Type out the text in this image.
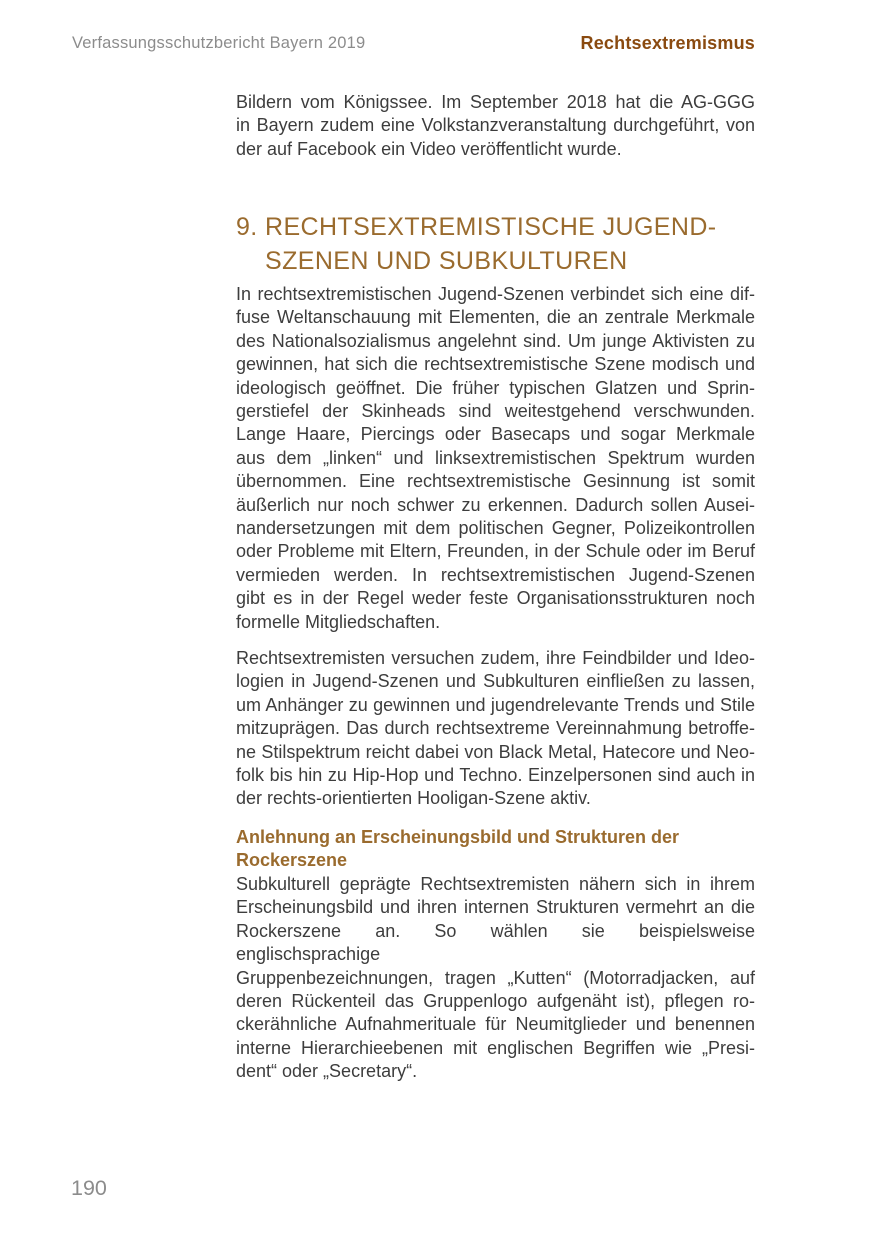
Verfassungsschutzbericht Bayern 2019	Rechtsextremismus
Bildern vom Königssee. Im September 2018 hat die AG-GGG
in Bayern zudem eine Volkstanzveranstaltung durchgeführt, von
der auf Facebook ein Video veröffentlicht wurde.
9. RECHTSEXTREMISTISCHE JUGEND-
SZENEN UND SUBKULTUREN
In rechtsextremistischen Jugend-Szenen verbindet sich eine dif-
fuse Weltanschauung mit Elementen, die an zentrale Merkmale
des Nationalsozialismus angelehnt sind. Um junge Aktivisten zu
gewinnen, hat sich die rechtsextremistische Szene modisch und
ideologisch geöffnet. Die früher typischen Glatzen und Sprin-
gerstiefel der Skinheads sind weitestgehend verschwunden.
Lange Haare, Piercings oder Basecaps und sogar Merkmale
aus dem „linken“ und linksextremistischen Spektrum wurden
übernommen. Eine rechtsextremistische Gesinnung ist somit
äußerlich nur noch schwer zu erkennen. Dadurch sollen Ausei-
nandersetzungen mit dem politischen Gegner, Polizeikontrollen
oder Probleme mit Eltern, Freunden, in der Schule oder im Beruf
vermieden werden. In rechtsextremistischen Jugend-Szenen
gibt es in der Regel weder feste Organisationsstrukturen noch
formelle Mitgliedschaften.
Rechtsextremisten versuchen zudem, ihre Feindbilder und Ideo-
logien in Jugend-Szenen und Subkulturen einfließen zu lassen,
um Anhänger zu gewinnen und jugendrelevante Trends und Stile
mitzuprägen. Das durch rechtsextreme Vereinnahmung betroffe-
ne Stilspektrum reicht dabei von Black Metal, Hatecore und Neo-
folk bis hin zu Hip-Hop und Techno. Einzelpersonen sind auch in
der rechts-orientierten Hooligan-Szene aktiv.
Anlehnung an Erscheinungsbild und Strukturen der
Rockerszene
Subkulturell geprägte Rechtsextremisten nähern sich in ihrem
Erscheinungsbild und ihren internen Strukturen vermehrt an die
Rockerszene an. So wählen sie beispielsweise englischsprachige
Gruppenbezeichnungen, tragen „Kutten“ (Motorradjacken, auf
deren Rückenteil das Gruppenlogo aufgenäht ist), pflegen ro-
ckerähnliche Aufnahmerituale für Neumitglieder und benennen
interne Hierarchieebenen mit englischen Begriffen wie „Presi-
dent“ oder „Secretary“.
190
